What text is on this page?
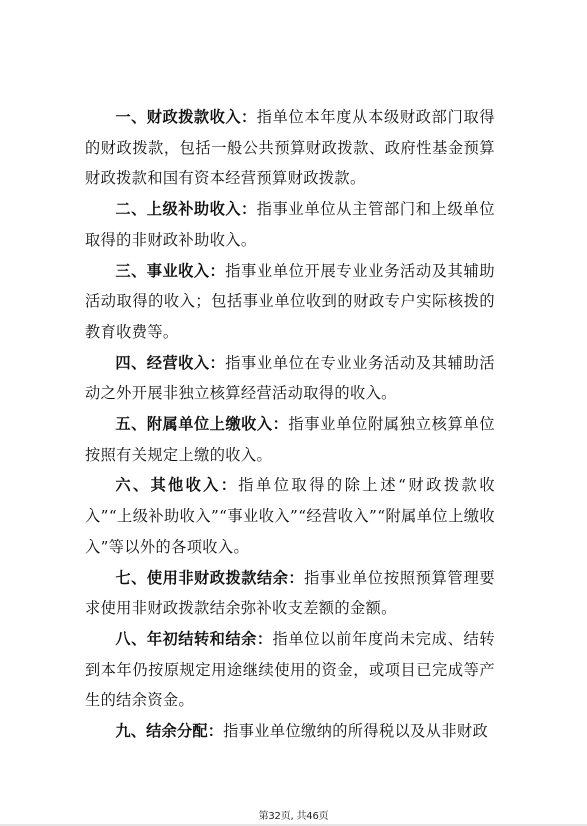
一、财政拨款收入：指单位本年度从本级财政部门取得的财政拨款，包括一般公共预算财政拨款、政府性基金预算财政拨款和国有资本经营预算财政拨款。

二、上级补助收入：指事业单位从主管部门和上级单位取得的非财政补助收入。

三、事业收入：指事业单位开展专业业务活动及其辅助活动取得的收入；包括事业单位收到的财政专户实际核拨的教育收费等。

四、经营收入：指事业单位在专业业务活动及其辅助活动之外开展非独立核算经营活动取得的收入。

五、附属单位上缴收入：指事业单位附属独立核算单位按照有关规定上缴的收入。

六、其他收入：指单位取得的除上述“财政拨款收入”“上级补助收入”“事业收入”“经营收入”“附属单位上缴收入”等以外的各项收入。

七、使用非财政拨款结余：指事业单位按照预算管理要求使用非财政拨款结余弥补收支差额的金额。

八、年初结转和结余：指单位以前年度尚未完成、结转到本年仍按原规定用途继续使用的资金，或项目已完成等产生的结余资金。

九、结余分配：指事业单位缴纳的所得税以及从非财政

第32页, 共46页
